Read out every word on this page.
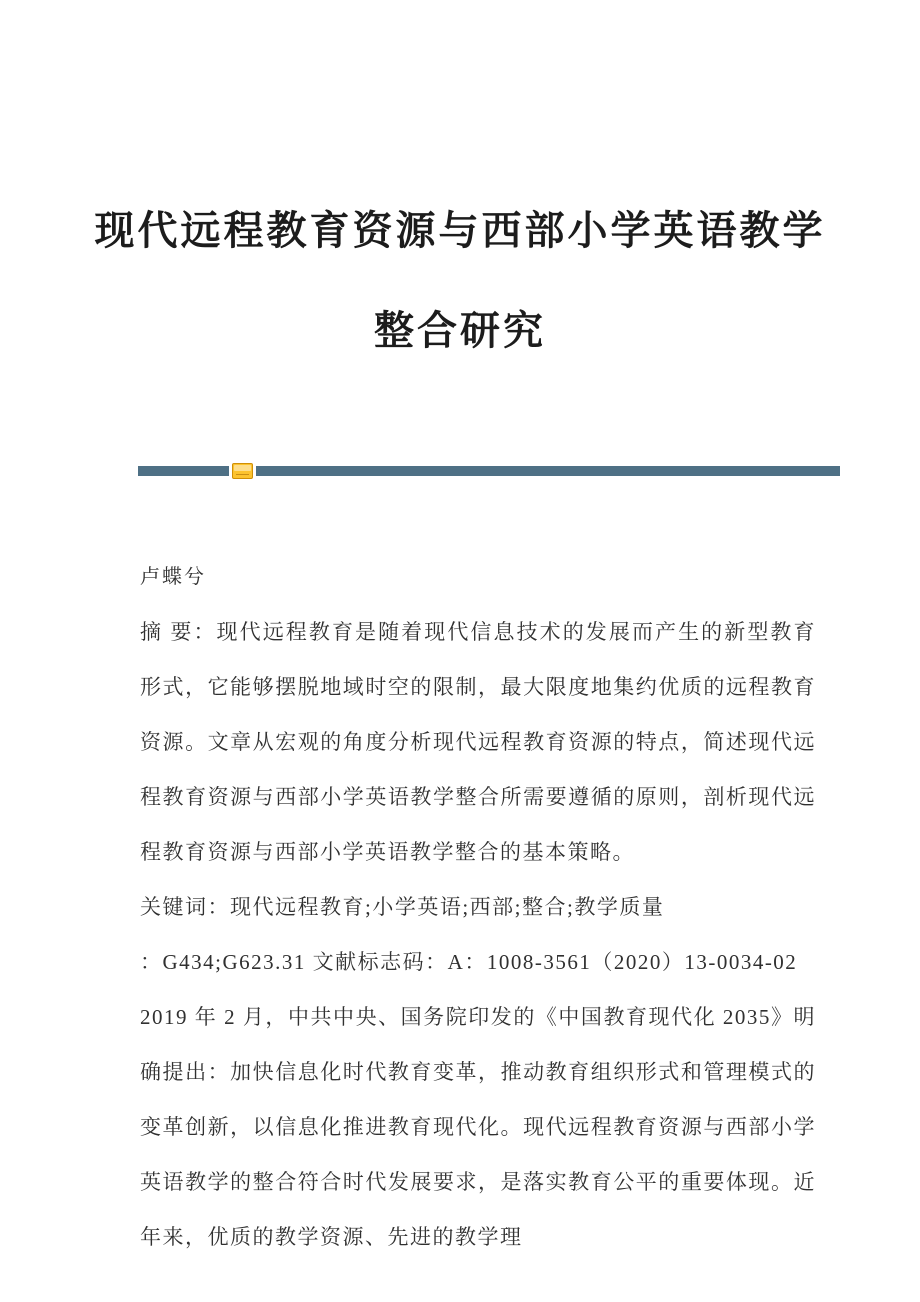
现代远程教育资源与西部小学英语教学
整合研究

卢蝶兮

摘 要：现代远程教育是随着现代信息技术的发展而产生的新型教育形式，它能够摆脱地域时空的限制，最大限度地集约优质的远程教育资源。文章从宏观的角度分析现代远程教育资源的特点，简述现代远程教育资源与西部小学英语教学整合所需要遵循的原则，剖析现代远程教育资源与西部小学英语教学整合的基本策略。

关键词：现代远程教育;小学英语;西部;整合;教学质量

：G434;G623.31 文献标志码：A：1008-3561（2020）13-0034-02

2019 年 2 月，中共中央、国务院印发的《中国教育现代化 2035》明确提出：加快信息化时代教育变革，推动教育组织形式和管理模式的变革创新，以信息化推进教育现代化。现代远程教育资源与西部小学英语教学的整合符合时代发展要求，是落实教育公平的重要体现。近年来，优质的教学资源、先进的教学理
